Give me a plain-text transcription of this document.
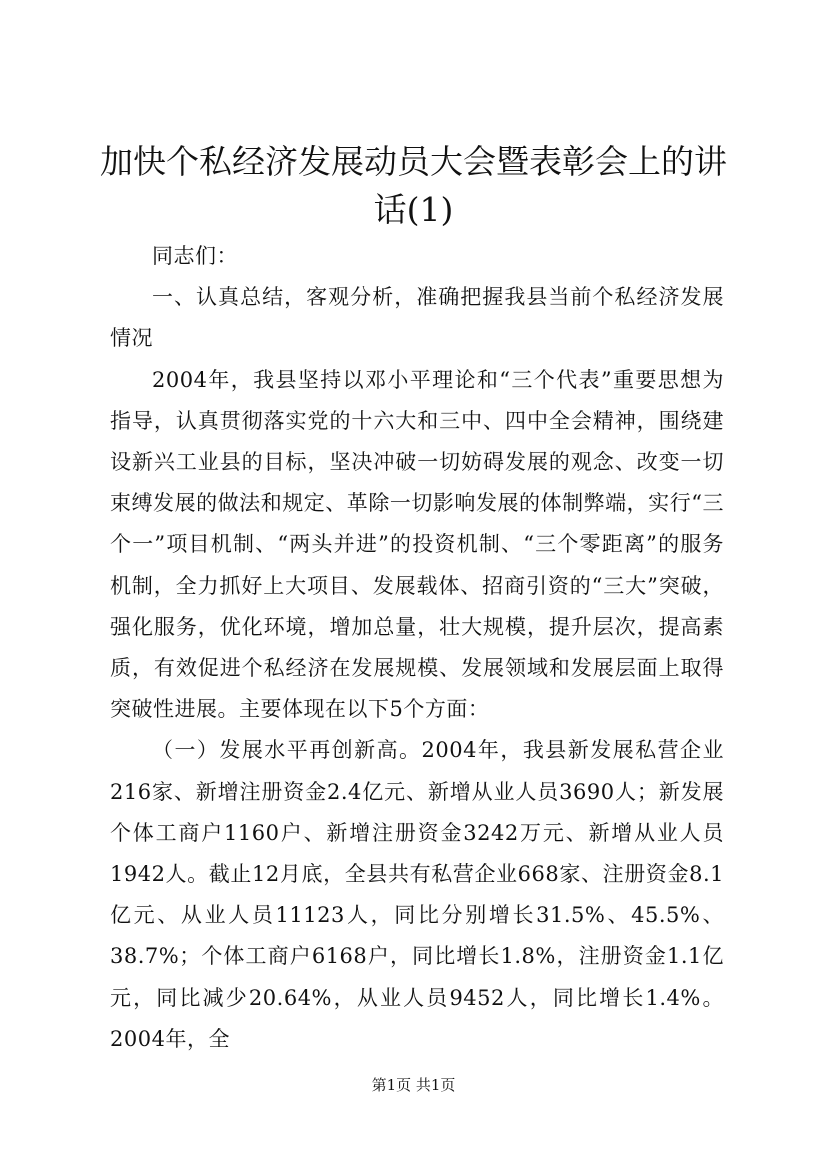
加快个私经济发展动员大会暨表彰会上的讲话(1)

同志们：

一、认真总结，客观分析，准确把握我县当前个私经济发展情况

2004年，我县坚持以邓小平理论和“三个代表”重要思想为指导，认真贯彻落实党的十六大和三中、四中全会精神，围绕建设新兴工业县的目标，坚决冲破一切妨碍发展的观念、改变一切束缚发展的做法和规定、革除一切影响发展的体制弊端，实行“三个一”项目机制、“两头并进”的投资机制、“三个零距离”的服务机制，全力抓好上大项目、发展载体、招商引资的“三大”突破，强化服务，优化环境，增加总量，壮大规模，提升层次，提高素质，有效促进个私经济在发展规模、发展领域和发展层面上取得突破性进展。主要体现在以下5个方面：

（一）发展水平再创新高。2004年，我县新发展私营企业216家、新增注册资金2.4亿元、新增从业人员3690人；新发展个体工商户1160户、新增注册资金3242万元、新增从业人员1942人。截止12月底，全县共有私营企业668家、注册资金8.1亿元、从业人员11123人，同比分别增长31.5%、45.5%、38.7%；个体工商户6168户，同比增长1.8%，注册资金1.1亿元，同比减少20.64%，从业人员9452人，同比增长1.4%。2004年，全

第1页 共1页
